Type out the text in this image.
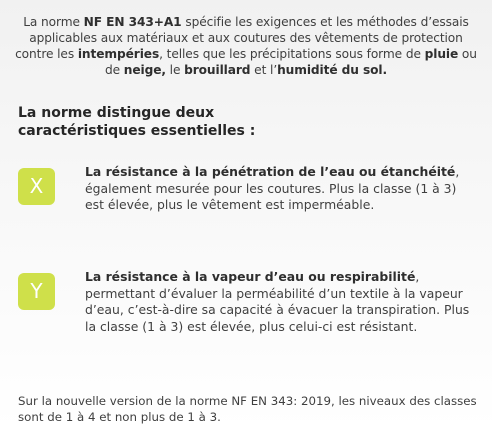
La norme NF EN 343+A1 spécifie les exigences et les méthodes d’essais applicables aux matériaux et aux coutures des vêtements de protection contre les intempéries, telles que les précipitations sous forme de pluie ou de neige, le brouillard et l’humidité du sol.
La norme distingue deux
caractéristiques essentielles :
X
La résistance à la pénétration de l’eau ou étanchéité, également mesurée pour les coutures. Plus la classe (1 à 3) est élevée, plus le vêtement est imperméable.
Y
La résistance à la vapeur d’eau ou respirabilité, permettant d’évaluer la perméabilité d’un textile à la vapeur d’eau, c’est-à-dire sa capacité à évacuer la transpiration. Plus la classe (1 à 3) est élevée, plus celui-ci est résistant.
Sur la nouvelle version de la norme NF EN 343: 2019, les niveaux des classes sont de 1 à 4 et non plus de 1 à 3.
